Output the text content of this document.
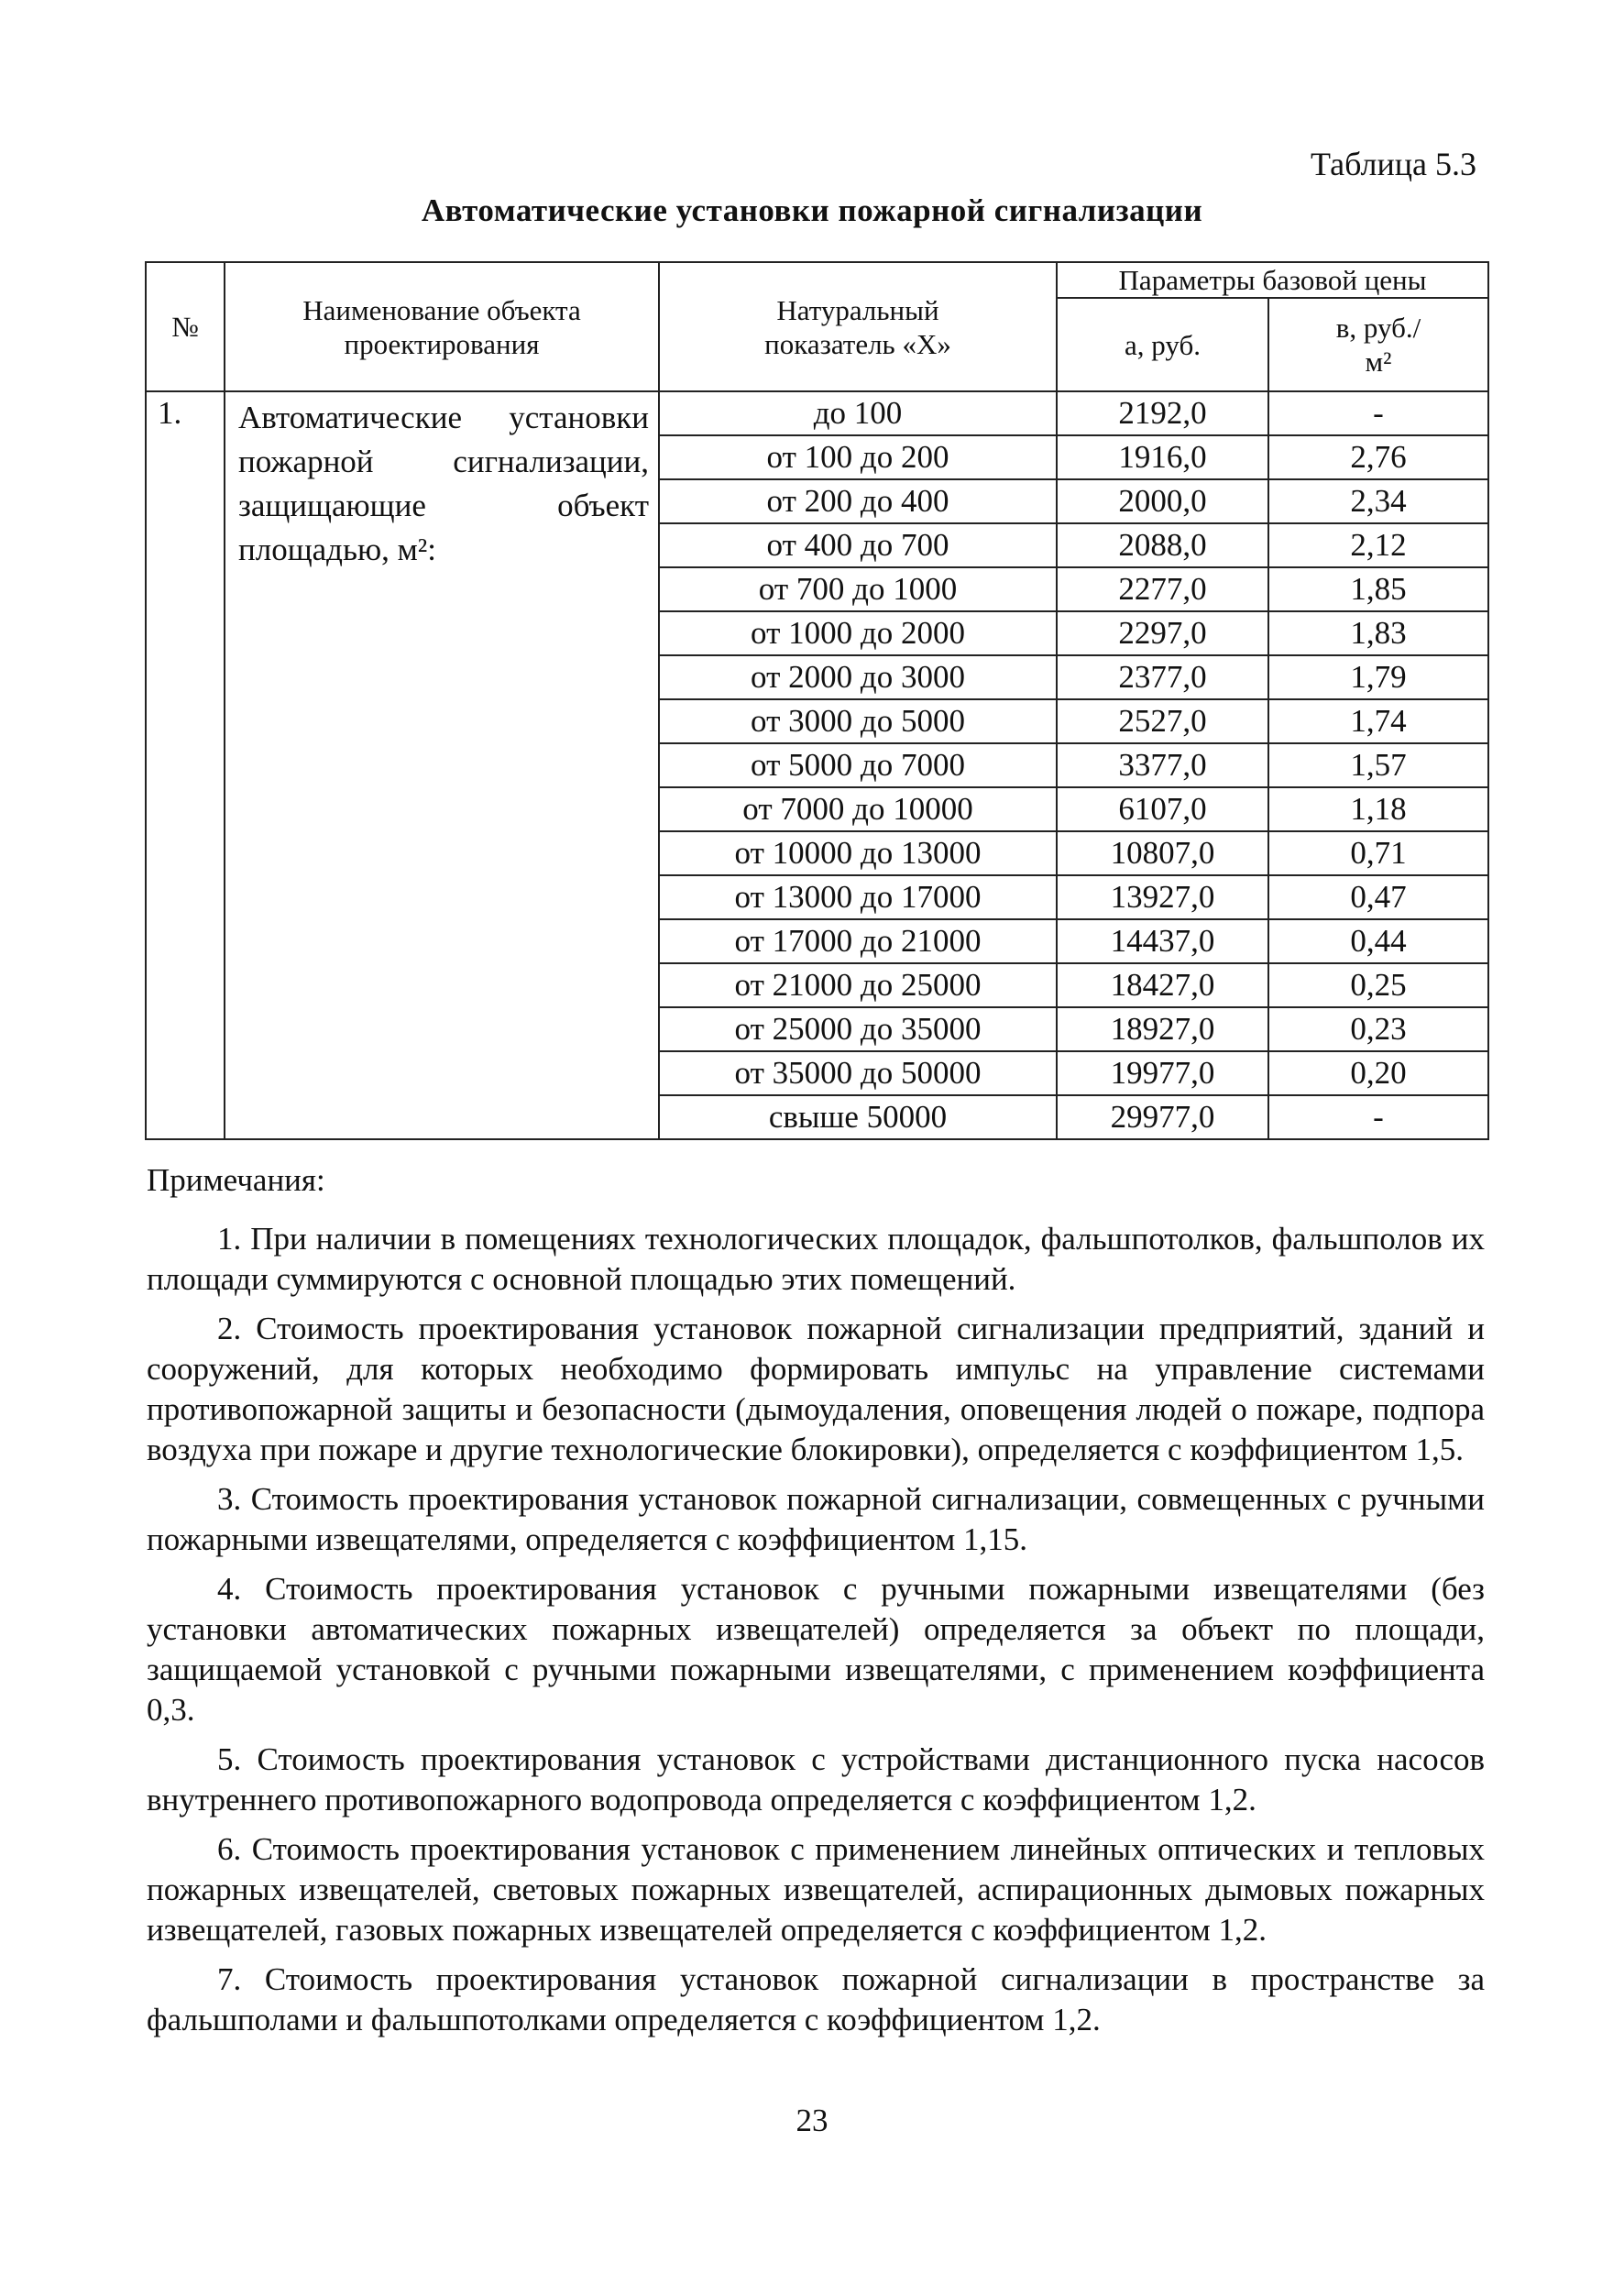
Таблица 5.3
Автоматические установки пожарной сигнализации
№	Наименование объекта проектирования	Натуральный показатель «Х»	Параметры базовой цены	
			а, руб.	в, руб./м²
1.	Автоматические установки пожарной сигнализации, защищающие объект площадью, м²:	до 100	2192,0	-
		от 100 до 200	1916,0	2,76
		от 200 до 400	2000,0	2,34
		от 400 до 700	2088,0	2,12
		от 700 до 1000	2277,0	1,85
		от 1000 до 2000	2297,0	1,83
		от 2000 до 3000	2377,0	1,79
		от 3000 до 5000	2527,0	1,74
		от 5000 до 7000	3377,0	1,57
		от 7000 до 10000	6107,0	1,18
		от 10000 до 13000	10807,0	0,71
		от 13000 до 17000	13927,0	0,47
		от 17000 до 21000	14437,0	0,44
		от 21000 до 25000	18427,0	0,25
		от 25000 до 35000	18927,0	0,23
		от 35000 до 50000	19977,0	0,20
		свыше 50000	29977,0	-
Примечания:

1. При наличии в помещениях технологических площадок, фальшпотолков, фальшполов их площади суммируются с основной площадью этих помещений.

2. Стоимость проектирования установок пожарной сигнализации предприятий, зданий и сооружений, для которых необходимо формировать импульс на управление системами противопожарной защиты и безопасности (дымоудаления, оповещения людей о пожаре, подпора воздуха при пожаре и другие технологические блокировки), определяется с коэффициентом 1,5.

3. Стоимость проектирования установок пожарной сигнализации, совмещенных с ручными пожарными извещателями, определяется с коэффициентом 1,15.

4. Стоимость проектирования установок с ручными пожарными извещателями (без установки автоматических пожарных извещателей) определяется за объект по площади, защищаемой установкой с ручными пожарными извещателями, с применением коэффициента 0,3.

5. Стоимость проектирования установок с устройствами дистанционного пуска насосов внутреннего противопожарного водопровода определяется с коэффициентом 1,2.

6. Стоимость проектирования установок с применением линейных оптических и тепловых пожарных извещателей, световых пожарных извещателей, аспирационных дымовых пожарных извещателей, газовых пожарных извещателей определяется с коэффициентом 1,2.

7. Стоимость проектирования установок пожарной сигнализации в пространстве за фальшполами и фальшпотолками определяется с коэффициентом 1,2.

23
